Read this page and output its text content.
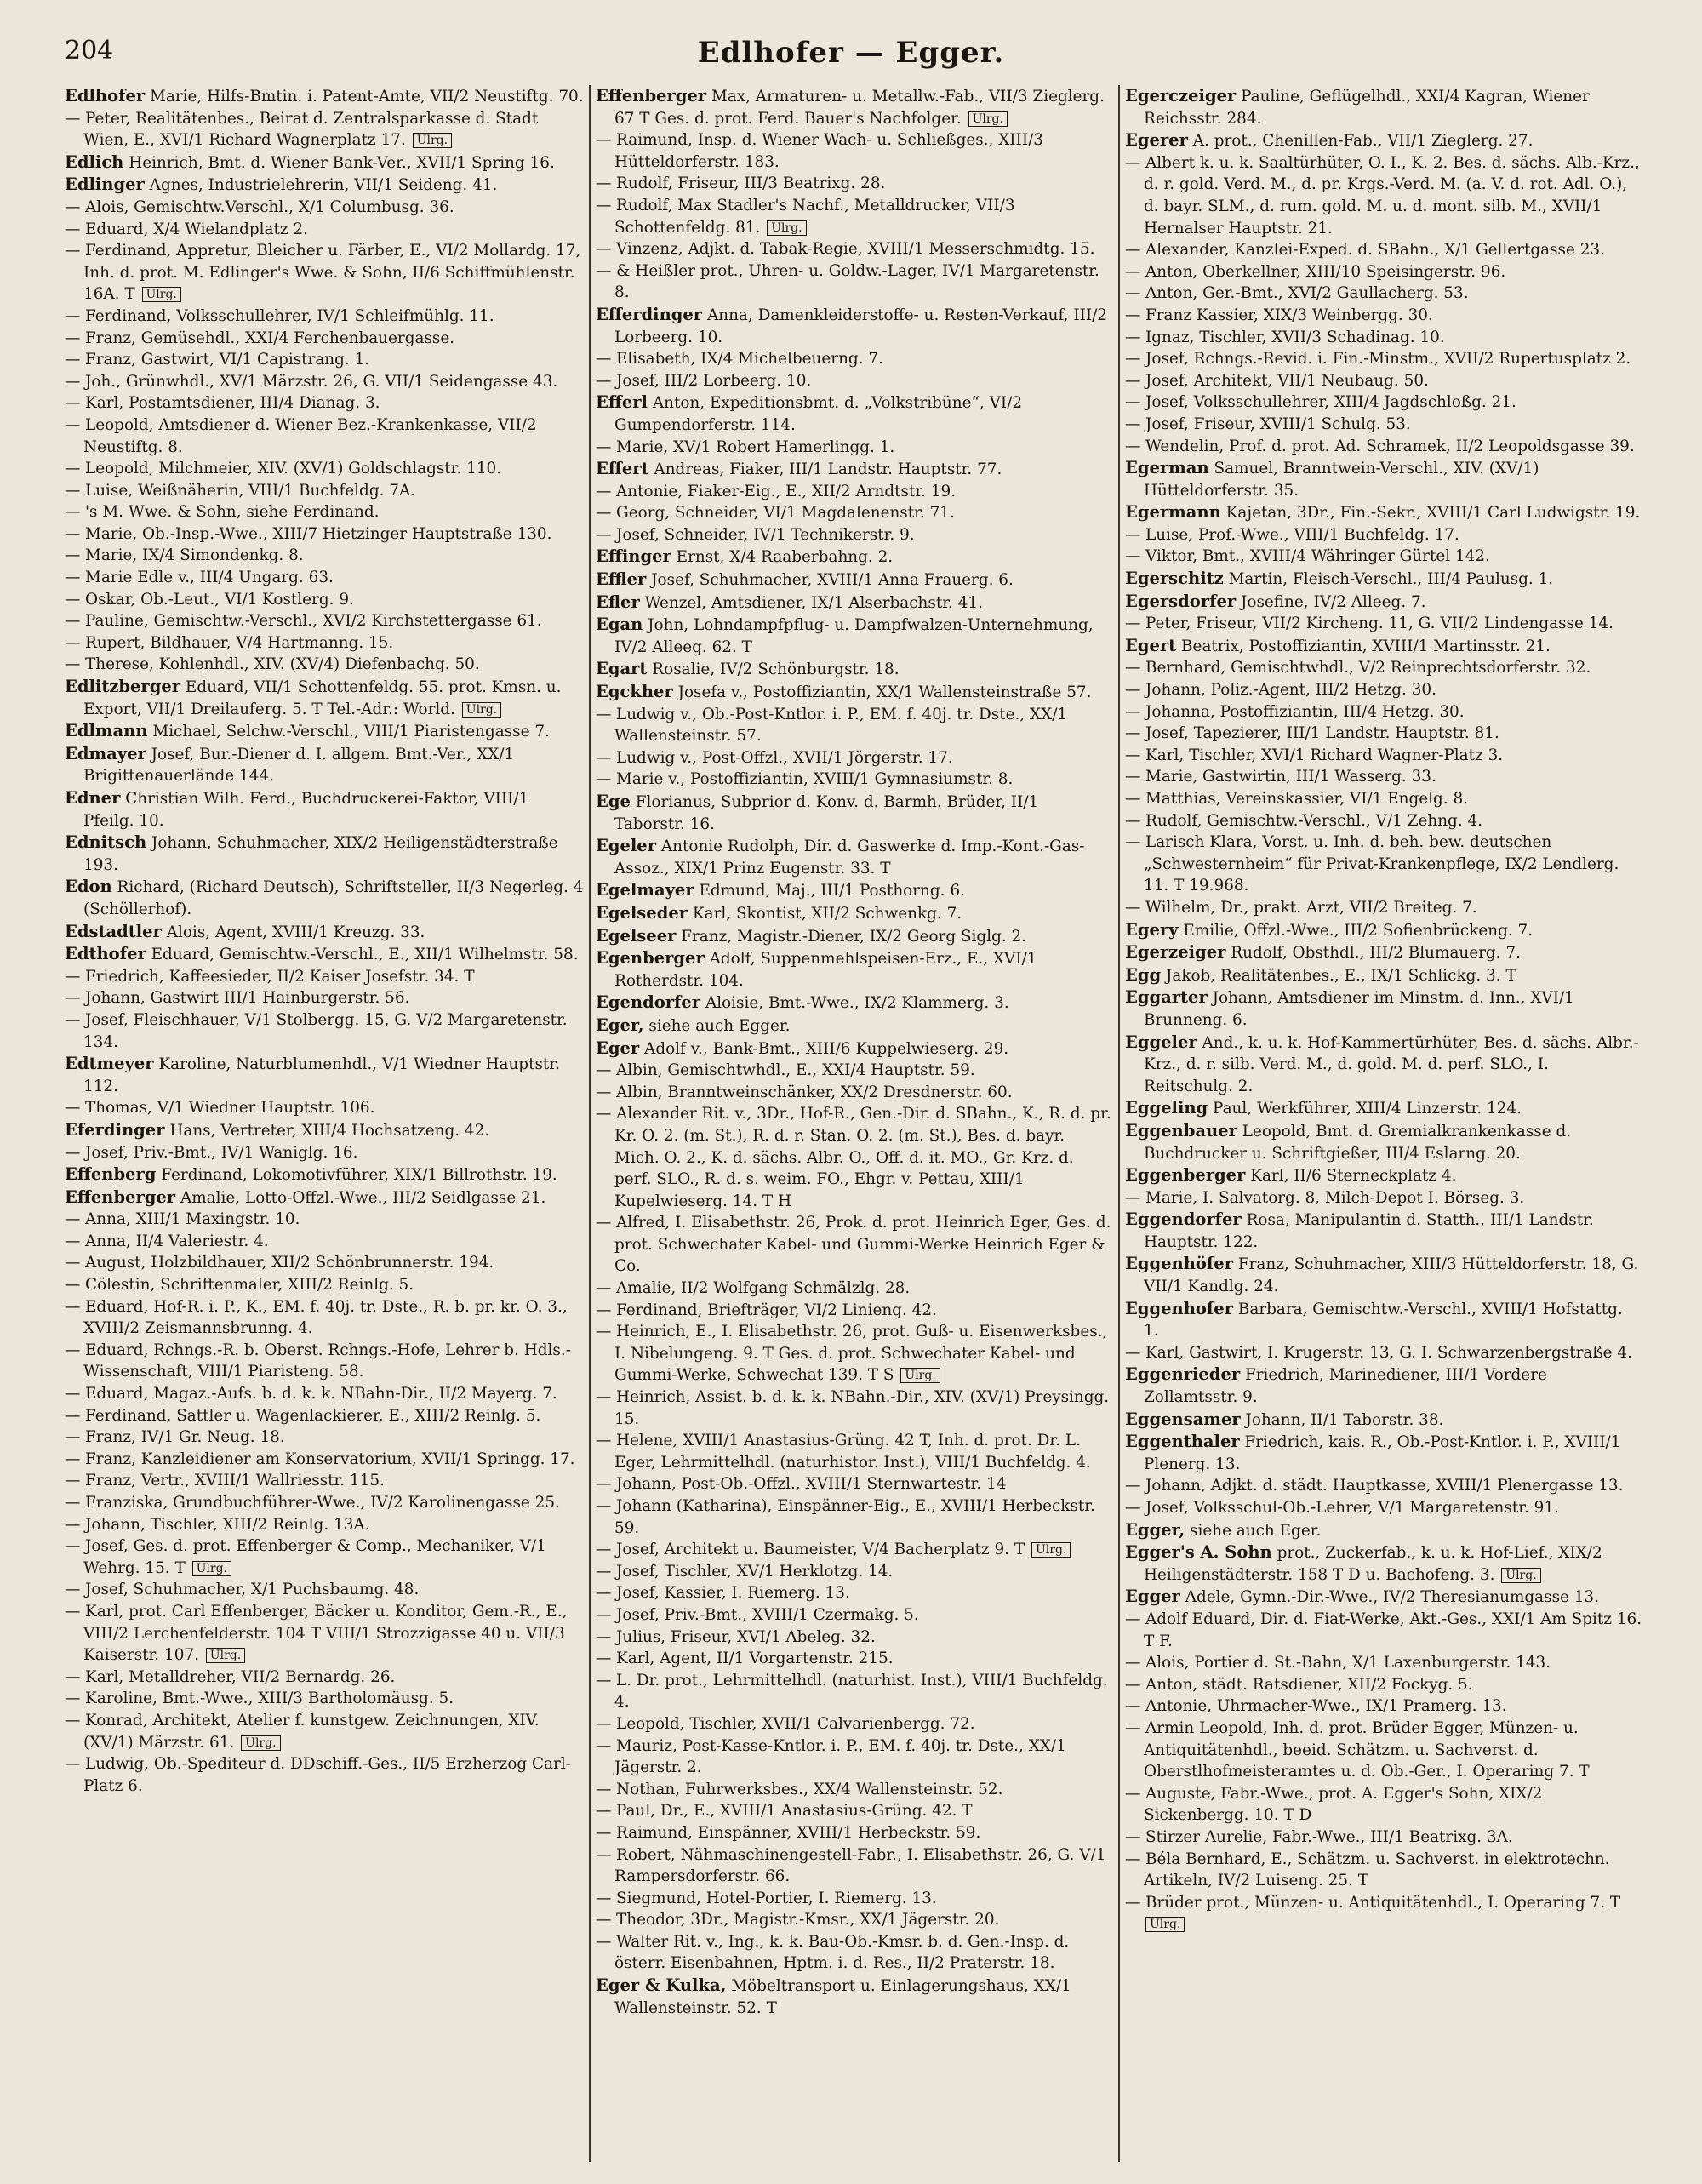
204	Edlhofer — Egger.
Edlhofer Marie, Hilfs-Bmtin. i. Patent-Amte, VII/2 Neustiftg. 70.
— Peter, Realitätenbes., Beirat d. Zentralsparkasse d. Stadt Wien, E., XVI/1 Richard Wagnerplatz 17. Ulrg.
Edlich Heinrich, Bmt. d. Wiener Bank-Ver., XVII/1 Spring 16.
Edlinger Agnes, Industrielehrerin, VII/1 Seideng. 41.
— Alois, Gemischtw.Verschl., X/1 Columbusg. 36.
— Eduard, X/4 Wielandplatz 2.
— Ferdinand, Appretur, Bleicher u. Färber, E., VI/2 Mollardg. 17, Inh. d. prot. M. Edlinger's Wwe. & Sohn, II/6 Schiffmühlenstr. 16A. T Ulrg.
— Ferdinand, Volksschullehrer, IV/1 Schleifmühlg. 11.
— Franz, Gemüsehdl., XXI/4 Ferchenbauergasse.
— Franz, Gastwirt, VI/1 Capistrang. 1.
— Joh., Grünwhdl., XV/1 Märzstr. 26, G. VII/1 Seidengasse 43.
— Karl, Postamtsdiener, III/4 Dianag. 3.
— Leopold, Amtsdiener d. Wiener Bez.-Krankenkasse, VII/2 Neustiftg. 8.
— Leopold, Milchmeier, XIV. (XV/1) Goldschlagstr. 110.
— Luise, Weißnäherin, VIII/1 Buchfeldg. 7A.
— 's M. Wwe. & Sohn, siehe Ferdinand.
— Marie, Ob.-Insp.-Wwe., XIII/7 Hietzinger Hauptstraße 130.
— Marie, IX/4 Simondenkg. 8.
— Marie Edle v., III/4 Ungarg. 63.
— Oskar, Ob.-Leut., VI/1 Kostlerg. 9.
— Pauline, Gemischtw.-Verschl., XVI/2 Kirchstettergasse 61.
— Rupert, Bildhauer, V/4 Hartmanng. 15.
— Therese, Kohlenhdl., XIV. (XV/4) Diefenbachg. 50.
Edlitzberger Eduard, VII/1 Schottenfeldg. 55. prot. Kmsn. u. Export, VII/1 Dreilauferg. 5. T Tel.-Adr.: World. Ulrg.
Edlmann Michael, Selchw.-Verschl., VIII/1 Piaristengasse 7.
Edmayer Josef, Bur.-Diener d. I. allgem. Bmt.-Ver., XX/1 Brigittenauerlände 144.
Edner Christian Wilh. Ferd., Buchdruckerei-Faktor, VIII/1 Pfeilg. 10.
Ednitsch Johann, Schuhmacher, XIX/2 Heiligenstädterstraße 193.
Edon Richard, (Richard Deutsch), Schriftsteller, II/3 Negerleg. 4 (Schöllerhof).
Edstadtler Alois, Agent, XVIII/1 Kreuzg. 33.
Edthofer Eduard, Gemischtw.-Verschl., E., XII/1 Wilhelmstr. 58.
— Friedrich, Kaffeesieder, II/2 Kaiser Josefstr. 34. T
— Johann, Gastwirt III/1 Hainburgerstr. 56.
— Josef, Fleischhauer, V/1 Stolbergg. 15, G. V/2 Margaretenstr. 134.
Edtmeyer Karoline, Naturblumenhdl., V/1 Wiedner Hauptstr. 112.
— Thomas, V/1 Wiedner Hauptstr. 106.
Eferdinger Hans, Vertreter, XIII/4 Hochsatzeng. 42.
— Josef, Priv.-Bmt., IV/1 Waniglg. 16.
Effenberg Ferdinand, Lokomotivführer, XIX/1 Billrothstr. 19.
Effenberger Amalie, Lotto-Offzl.-Wwe., III/2 Seidlgasse 21.
— Anna, XIII/1 Maxingstr. 10.
— Anna, II/4 Valeriestr. 4.
— August, Holzbildhauer, XII/2 Schönbrunnerstr. 194.
— Cölestin, Schriftenmaler, XIII/2 Reinlg. 5.
— Eduard, Hof-R. i. P., K., EM. f. 40j. tr. Dste., R. b. pr. kr. O. 3., XVIII/2 Zeismannsbrunng. 4.
— Eduard, Rchngs.-R. b. Oberst. Rchngs.-Hofe, Lehrer b. Hdls.-Wissenschaft, VIII/1 Piaristeng. 58.
— Eduard, Magaz.-Aufs. b. d. k. k. NBahn-Dir., II/2 Mayerg. 7.
— Ferdinand, Sattler u. Wagenlackierer, E., XIII/2 Reinlg. 5.
— Franz, IV/1 Gr. Neug. 18.
— Franz, Kanzleidiener am Konservatorium, XVII/1 Springg. 17.
— Franz, Vertr., XVIII/1 Wallriesstr. 115.
— Franziska, Grundbuchführer-Wwe., IV/2 Karolinengasse 25.
— Johann, Tischler, XIII/2 Reinlg. 13A.
— Josef, Ges. d. prot. Effenberger & Comp., Mechaniker, V/1 Wehrg. 15. T Ulrg.
— Josef, Schuhmacher, X/1 Puchsbaumg. 48.
— Karl, prot. Carl Effenberger, Bäcker u. Konditor, Gem.-R., E., VIII/2 Lerchenfelderstr. 104 T VIII/1 Strozzigasse 40 u. VII/3 Kaiserstr. 107. Ulrg.
— Karl, Metalldreher, VII/2 Bernardg. 26.
— Karoline, Bmt.-Wwe., XIII/3 Bartholomäusg. 5.
— Konrad, Architekt, Atelier f. kunstgew. Zeichnungen, XIV. (XV/1) Märzstr. 61. Ulrg.
— Ludwig, Ob.-Spediteur d. DDschiff.-Ges., II/5 Erzherzog Carl-Platz 6.
Effenberger Max, Armaturen- u. Metallw.-Fab., VII/3 Zieglerg. 67 T Ges. d. prot. Ferd. Bauer's Nachfolger. Ulrg.
— Raimund, Insp. d. Wiener Wach- u. Schließges., XIII/3 Hütteldorferstr. 183.
— Rudolf, Friseur, III/3 Beatrixg. 28.
— Rudolf, Max Stadler's Nachf., Metalldrucker, VII/3 Schottenfeldg. 81. Ulrg.
— Vinzenz, Adjkt. d. Tabak-Regie, XVIII/1 Messerschmidtg. 15.
— & Heißler prot., Uhren- u. Goldw.-Lager, IV/1 Margaretenstr. 8.
Efferdinger Anna, Damenkleiderstoffe- u. Resten-Verkauf, III/2 Lorbeerg. 10.
— Elisabeth, IX/4 Michelbeuerng. 7.
— Josef, III/2 Lorbeerg. 10.
Efferl Anton, Expeditionsbmt. d. „Volkstribüne“, VI/2 Gumpendorferstr. 114.
— Marie, XV/1 Robert Hamerlingg. 1.
Effert Andreas, Fiaker, III/1 Landstr. Hauptstr. 77.
— Antonie, Fiaker-Eig., E., XII/2 Arndtstr. 19.
— Georg, Schneider, VI/1 Magdalenenstr. 71.
— Josef, Schneider, IV/1 Technikerstr. 9.
Effinger Ernst, X/4 Raaberbahng. 2.
Effler Josef, Schuhmacher, XVIII/1 Anna Frauerg. 6.
Efler Wenzel, Amtsdiener, IX/1 Alserbachstr. 41.
Egan John, Lohndampfpflug- u. Dampfwalzen-Unternehmung, IV/2 Alleeg. 62. T
Egart Rosalie, IV/2 Schönburgstr. 18.
Egckher Josefa v., Postoffiziantin, XX/1 Wallensteinstraße 57.
— Ludwig v., Ob.-Post-Kntlor. i. P., EM. f. 40j. tr. Dste., XX/1 Wallensteinstr. 57.
— Ludwig v., Post-Offzl., XVII/1 Jörgerstr. 17.
— Marie v., Postoffiziantin, XVIII/1 Gymnasiumstr. 8.
Ege Florianus, Subprior d. Konv. d. Barmh. Brüder, II/1 Taborstr. 16.
Egeler Antonie Rudolph, Dir. d. Gaswerke d. Imp.-Kont.-Gas-Assoz., XIX/1 Prinz Eugenstr. 33. T
Egelmayer Edmund, Maj., III/1 Posthorng. 6.
Egelseder Karl, Skontist, XII/2 Schwenkg. 7.
Egelseer Franz, Magistr.-Diener, IX/2 Georg Siglg. 2.
Egenberger Adolf, Suppenmehlspeisen-Erz., E., XVI/1 Rotherdstr. 104.
Egendorfer Aloisie, Bmt.-Wwe., IX/2 Klammerg. 3.
Eger, siehe auch Egger.
Eger Adolf v., Bank-Bmt., XIII/6 Kuppelwieserg. 29.
— Albin, Gemischtwhdl., E., XXI/4 Hauptstr. 59.
— Albin, Branntweinschänker, XX/2 Dresdnerstr. 60.
— Alexander Rit. v., 3Dr., Hof-R., Gen.-Dir. d. SBahn., K., R. d. pr. Kr. O. 2. (m. St.), R. d. r. Stan. O. 2. (m. St.), Bes. d. bayr. Mich. O. 2., K. d. sächs. Albr. O., Off. d. it. MO., Gr. Krz. d. perf. SLO., R. d. s. weim. FO., Ehgr. v. Pettau, XIII/1 Kupelwieserg. 14. T H
— Alfred, I. Elisabethstr. 26, Prok. d. prot. Heinrich Eger, Ges. d. prot. Schwechater Kabel- und Gummi-Werke Heinrich Eger & Co.
— Amalie, II/2 Wolfgang Schmälzlg. 28.
— Ferdinand, Briefträger, VI/2 Linieng. 42.
— Heinrich, E., I. Elisabethstr. 26, prot. Guß- u. Eisenwerksbes., I. Nibelungeng. 9. T Ges. d. prot. Schwechater Kabel- und Gummi-Werke, Schwechat 139. T S Ulrg.
— Heinrich, Assist. b. d. k. k. NBahn.-Dir., XIV. (XV/1) Preysingg. 15.
— Helene, XVIII/1 Anastasius-Grüng. 42 T, Inh. d. prot. Dr. L. Eger, Lehrmittelhdl. (naturhistor. Inst.), VIII/1 Buchfeldg. 4.
— Johann, Post-Ob.-Offzl., XVIII/1 Sternwartestr. 14
— Johann (Katharina), Einspänner-Eig., E., XVIII/1 Herbeckstr. 59.
— Josef, Architekt u. Baumeister, V/4 Bacherplatz 9. T Ulrg.
— Josef, Tischler, XV/1 Herklotzg. 14.
— Josef, Kassier, I. Riemerg. 13.
— Josef, Priv.-Bmt., XVIII/1 Czermakg. 5.
— Julius, Friseur, XVI/1 Abeleg. 32.
— Karl, Agent, II/1 Vorgartenstr. 215.
— L. Dr. prot., Lehrmittelhdl. (naturhist. Inst.), VIII/1 Buchfeldg. 4.
— Leopold, Tischler, XVII/1 Calvarienbergg. 72.
— Mauriz, Post-Kasse-Kntlor. i. P., EM. f. 40j. tr. Dste., XX/1 Jägerstr. 2.
— Nothan, Fuhrwerksbes., XX/4 Wallensteinstr. 52.
— Paul, Dr., E., XVIII/1 Anastasius-Grüng. 42. T
— Raimund, Einspänner, XVIII/1 Herbeckstr. 59.
— Robert, Nähmaschinengestell-Fabr., I. Elisabethstr. 26, G. V/1 Rampersdorferstr. 66.
— Siegmund, Hotel-Portier, I. Riemerg. 13.
— Theodor, 3Dr., Magistr.-Kmsr., XX/1 Jägerstr. 20.
— Walter Rit. v., Ing., k. k. Bau-Ob.-Kmsr. b. d. Gen.-Insp. d. österr. Eisenbahnen, Hptm. i. d. Res., II/2 Praterstr. 18.
Eger & Kulka, Möbeltransport u. Einlagerungshaus, XX/1 Wallensteinstr. 52. T
Egerczeiger Pauline, Geflügelhdl., XXI/4 Kagran, Wiener Reichsstr. 284.
Egerer A. prot., Chenillen-Fab., VII/1 Zieglerg. 27.
— Albert k. u. k. Saaltürhüter, O. I., K. 2. Bes. d. sächs. Alb.-Krz., d. r. gold. Verd. M., d. pr. Krgs.-Verd. M. (a. V. d. rot. Adl. O.), d. bayr. SLM., d. rum. gold. M. u. d. mont. silb. M., XVII/1 Hernalser Hauptstr. 21.
— Alexander, Kanzlei-Exped. d. SBahn., X/1 Gellertgasse 23.
— Anton, Oberkellner, XIII/10 Speisingerstr. 96.
— Anton, Ger.-Bmt., XVI/2 Gaullacherg. 53.
— Franz Kassier, XIX/3 Weinbergg. 30.
— Ignaz, Tischler, XVII/3 Schadinag. 10.
— Josef, Rchngs.-Revid. i. Fin.-Minstm., XVII/2 Rupertusplatz 2.
— Josef, Architekt, VII/1 Neubaug. 50.
— Josef, Volksschullehrer, XIII/4 Jagdschloßg. 21.
— Josef, Friseur, XVIII/1 Schulg. 53.
— Wendelin, Prof. d. prot. Ad. Schramek, II/2 Leopoldsgasse 39.
Egerman Samuel, Branntwein-Verschl., XIV. (XV/1) Hütteldorferstr. 35.
Egermann Kajetan, 3Dr., Fin.-Sekr., XVIII/1 Carl Ludwigstr. 19.
— Luise, Prof.-Wwe., VIII/1 Buchfeldg. 17.
— Viktor, Bmt., XVIII/4 Währinger Gürtel 142.
Egerschitz Martin, Fleisch-Verschl., III/4 Paulusg. 1.
Egersdorfer Josefine, IV/2 Alleeg. 7.
— Peter, Friseur, VII/2 Kircheng. 11, G. VII/2 Lindengasse 14.
Egert Beatrix, Postoffiziantin, XVIII/1 Martinsstr. 21.
— Bernhard, Gemischtwhdl., V/2 Reinprechtsdorferstr. 32.
— Johann, Poliz.-Agent, III/2 Hetzg. 30.
— Johanna, Postoffiziantin, III/4 Hetzg. 30.
— Josef, Tapezierer, III/1 Landstr. Hauptstr. 81.
— Karl, Tischler, XVI/1 Richard Wagner-Platz 3.
— Marie, Gastwirtin, III/1 Wasserg. 33.
— Matthias, Vereinskassier, VI/1 Engelg. 8.
— Rudolf, Gemischtw.-Verschl., V/1 Zehng. 4.
— Larisch Klara, Vorst. u. Inh. d. beh. bew. deutschen „Schwesternheim“ für Privat-Krankenpflege, IX/2 Lendlerg. 11. T 19.968.
— Wilhelm, Dr., prakt. Arzt, VII/2 Breiteg. 7.
Egery Emilie, Offzl.-Wwe., III/2 Sofienbrückeng. 7.
Egerzeiger Rudolf, Obsthdl., III/2 Blumauerg. 7.
Egg Jakob, Realitätenbes., E., IX/1 Schlickg. 3. T
Eggarter Johann, Amtsdiener im Minstm. d. Inn., XVI/1 Brunneng. 6.
Eggeler And., k. u. k. Hof-Kammertürhüter, Bes. d. sächs. Albr.-Krz., d. r. silb. Verd. M., d. gold. M. d. perf. SLO., I. Reitschulg. 2.
Eggeling Paul, Werkführer, XIII/4 Linzerstr. 124.
Eggenbauer Leopold, Bmt. d. Gremialkrankenkasse d. Buchdrucker u. Schriftgießer, III/4 Eslarng. 20.
Eggenberger Karl, II/6 Sterneckplatz 4.
— Marie, I. Salvatorg. 8, Milch-Depot I. Börseg. 3.
Eggendorfer Rosa, Manipulantin d. Statth., III/1 Landstr. Hauptstr. 122.
Eggenhöfer Franz, Schuhmacher, XIII/3 Hütteldorferstr. 18, G. VII/1 Kandlg. 24.
Eggenhofer Barbara, Gemischtw.-Verschl., XVIII/1 Hofstattg. 1.
— Karl, Gastwirt, I. Krugerstr. 13, G. I. Schwarzenbergstraße 4.
Eggenrieder Friedrich, Marinediener, III/1 Vordere Zollamtsstr. 9.
Eggensamer Johann, II/1 Taborstr. 38.
Eggenthaler Friedrich, kais. R., Ob.-Post-Kntlor. i. P., XVIII/1 Plenerg. 13.
— Johann, Adjkt. d. städt. Hauptkasse, XVIII/1 Plenergasse 13.
— Josef, Volksschul-Ob.-Lehrer, V/1 Margaretenstr. 91.
Egger, siehe auch Eger.
Egger's A. Sohn prot., Zuckerfab., k. u. k. Hof-Lief., XIX/2 Heiligenstädterstr. 158 T D u. Bachofeng. 3. Ulrg.
Egger Adele, Gymn.-Dir.-Wwe., IV/2 Theresianumgasse 13.
— Adolf Eduard, Dir. d. Fiat-Werke, Akt.-Ges., XXI/1 Am Spitz 16. T F.
— Alois, Portier d. St.-Bahn, X/1 Laxenburgerstr. 143.
— Anton, städt. Ratsdiener, XII/2 Fockyg. 5.
— Antonie, Uhrmacher-Wwe., IX/1 Pramerg. 13.
— Armin Leopold, Inh. d. prot. Brüder Egger, Münzen- u. Antiquitätenhdl., beeid. Schätzm. u. Sachverst. d. Oberstlhofmeisteramtes u. d. Ob.-Ger., I. Operaring 7. T
— Auguste, Fabr.-Wwe., prot. A. Egger's Sohn, XIX/2 Sickenbergg. 10. T D
— Stirzer Aurelie, Fabr.-Wwe., III/1 Beatrixg. 3A.
— Béla Bernhard, E., Schätzm. u. Sachverst. in elektrotechn. Artikeln, IV/2 Luiseng. 25. T
— Brüder prot., Münzen- u. Antiquitätenhdl., I. Operaring 7. T Ulrg.
